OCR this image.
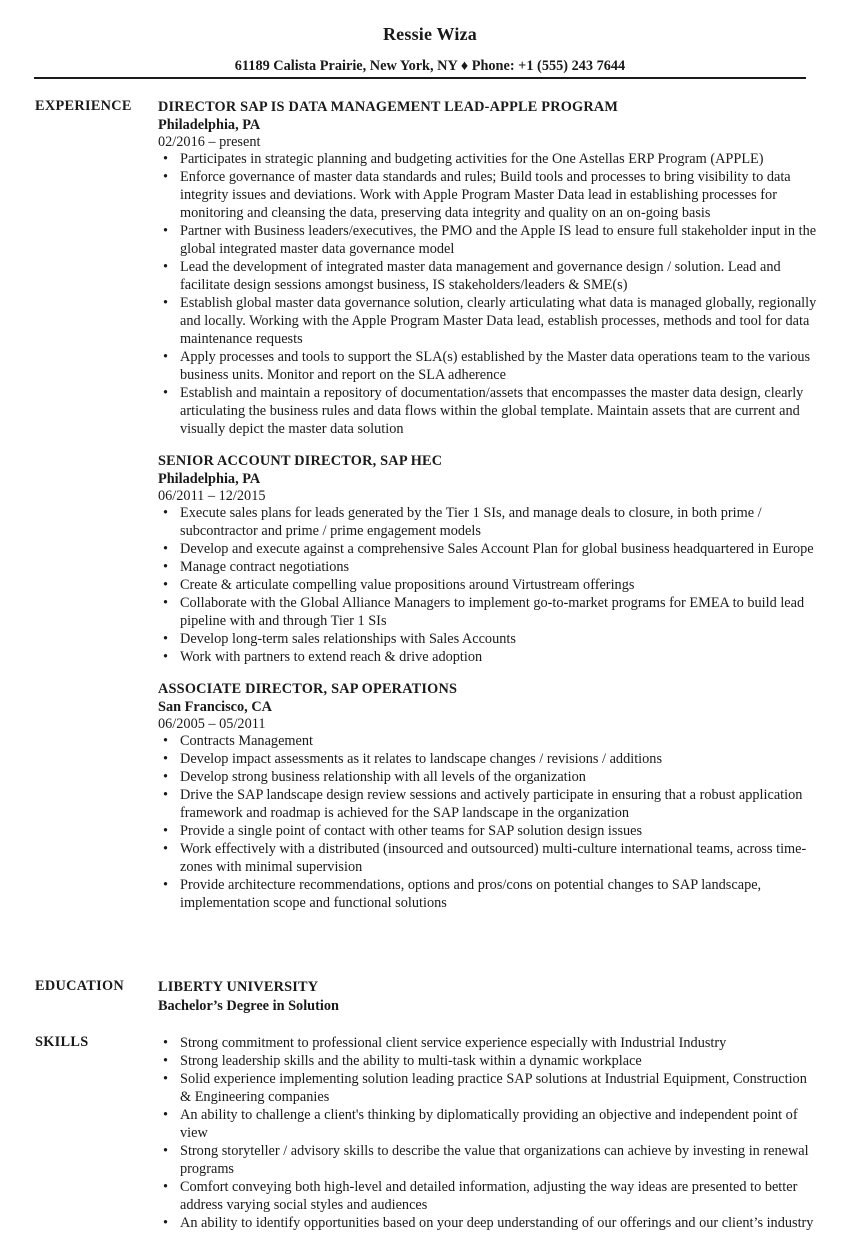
Ressie Wiza
61189 Calista Prairie, New York, NY ♦ Phone: +1 (555) 243 7644
EXPERIENCE DIRECTOR SAP IS DATA MANAGEMENT LEAD-APPLE PROGRAM
Philadelphia, PA
02/2016 – present
• Participates in strategic planning and budgeting activities for the One Astellas ERP Program (APPLE)
• Enforce governance of master data standards and rules; Build tools and processes to bring visibility to data integrity issues and deviations. Work with Apple Program Master Data lead in establishing processes for monitoring and cleansing the data, preserving data integrity and quality on an on-going basis
• Partner with Business leaders/executives, the PMO and the Apple IS lead to ensure full stakeholder input in the global integrated master data governance model
• Lead the development of integrated master data management and governance design / solution. Lead and facilitate design sessions amongst business, IS stakeholders/leaders & SME(s)
• Establish global master data governance solution, clearly articulating what data is managed globally, regionally and locally. Working with the Apple Program Master Data lead, establish processes, methods and tool for data maintenance requests
• Apply processes and tools to support the SLA(s) established by the Master data operations team to the various business units. Monitor and report on the SLA adherence
• Establish and maintain a repository of documentation/assets that encompasses the master data design, clearly articulating the business rules and data flows within the global template. Maintain assets that are current and visually depict the master data solution
SENIOR ACCOUNT DIRECTOR, SAP HEC
Philadelphia, PA
06/2011 – 12/2015
• Execute sales plans for leads generated by the Tier 1 SIs, and manage deals to closure, in both prime / subcontractor and prime / prime engagement models
• Develop and execute against a comprehensive Sales Account Plan for global business headquartered in Europe
• Manage contract negotiations
• Create & articulate compelling value propositions around Virtustream offerings
• Collaborate with the Global Alliance Managers to implement go-to-market programs for EMEA to build lead pipeline with and through Tier 1 SIs
• Develop long-term sales relationships with Sales Accounts
• Work with partners to extend reach & drive adoption
ASSOCIATE DIRECTOR, SAP OPERATIONS
San Francisco, CA
06/2005 – 05/2011
• Contracts Management
• Develop impact assessments as it relates to landscape changes / revisions / additions
• Develop strong business relationship with all levels of the organization
• Drive the SAP landscape design review sessions and actively participate in ensuring that a robust application framework and roadmap is achieved for the SAP landscape in the organization
• Provide a single point of contact with other teams for SAP solution design issues
• Work effectively with a distributed (insourced and outsourced) multi-culture international teams, across time-zones with minimal supervision
• Provide architecture recommendations, options and pros/cons on potential changes to SAP landscape, implementation scope and functional solutions
EDUCATION LIBERTY UNIVERSITY
Bachelor’s Degree in Solution
SKILLS	• Strong commitment to professional client service experience especially with Industrial Industry
• Strong leadership skills and the ability to multi-task within a dynamic workplace
• Solid experience implementing solution leading practice SAP solutions at Industrial Equipment, Construction & Engineering companies
• An ability to challenge a client's thinking by diplomatically providing an objective and independent point of view
• Strong storyteller / advisory skills to describe the value that organizations can achieve by investing in renewal programs
• Comfort conveying both high-level and detailed information, adjusting the way ideas are presented to better address varying social styles and audiences
• An ability to identify opportunities based on your deep understanding of our offerings and our client’s industry
